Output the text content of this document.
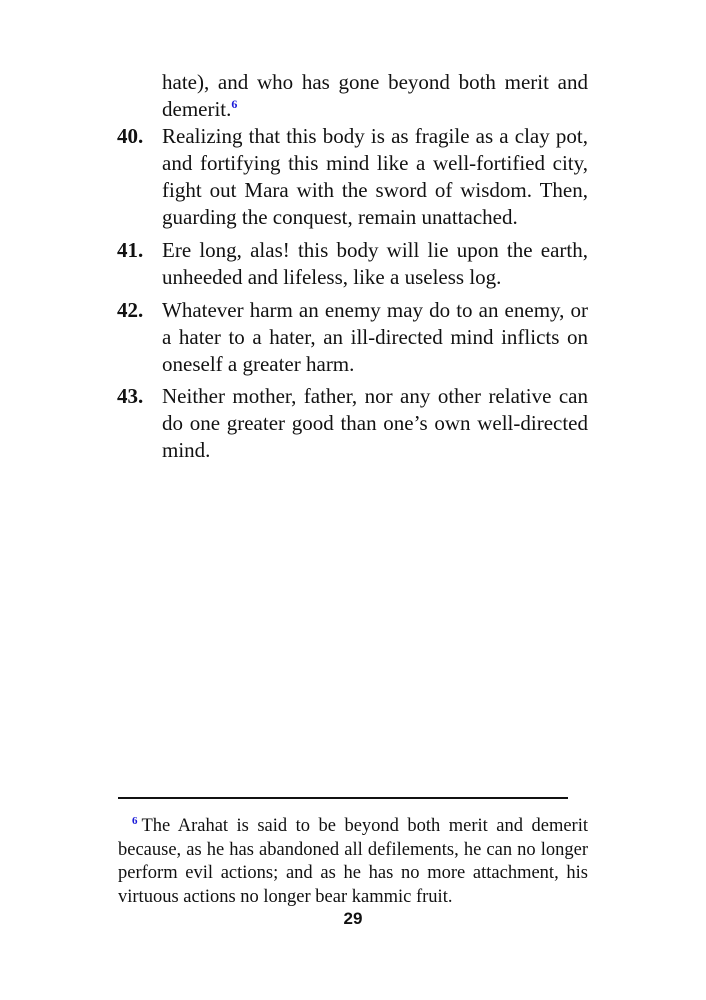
hate), and who has gone beyond both merit and demerit.$^6$

40. Realizing that this body is as fragile as a clay pot, and fortifying this mind like a well-fortified city, fight out Mara with the sword of wisdom. Then, guarding the conquest, remain unattached.
41. Ere long, alas! this body will lie upon the earth, unheeded and lifeless, like a useless log.
42. Whatever harm an enemy may do to an enemy, or a hater to a hater, an ill-directed mind inflicts on oneself a greater harm.
43. Neither mother, father, nor any other relative can do one greater good than one’s own well-directed mind.
$^6$ The Arahat is said to be beyond both merit and demerit because, as he has abandoned all defilements, he can no longer perform evil actions; and as he has no more attachment, his virtuous actions no longer bear kammic fruit.
29
